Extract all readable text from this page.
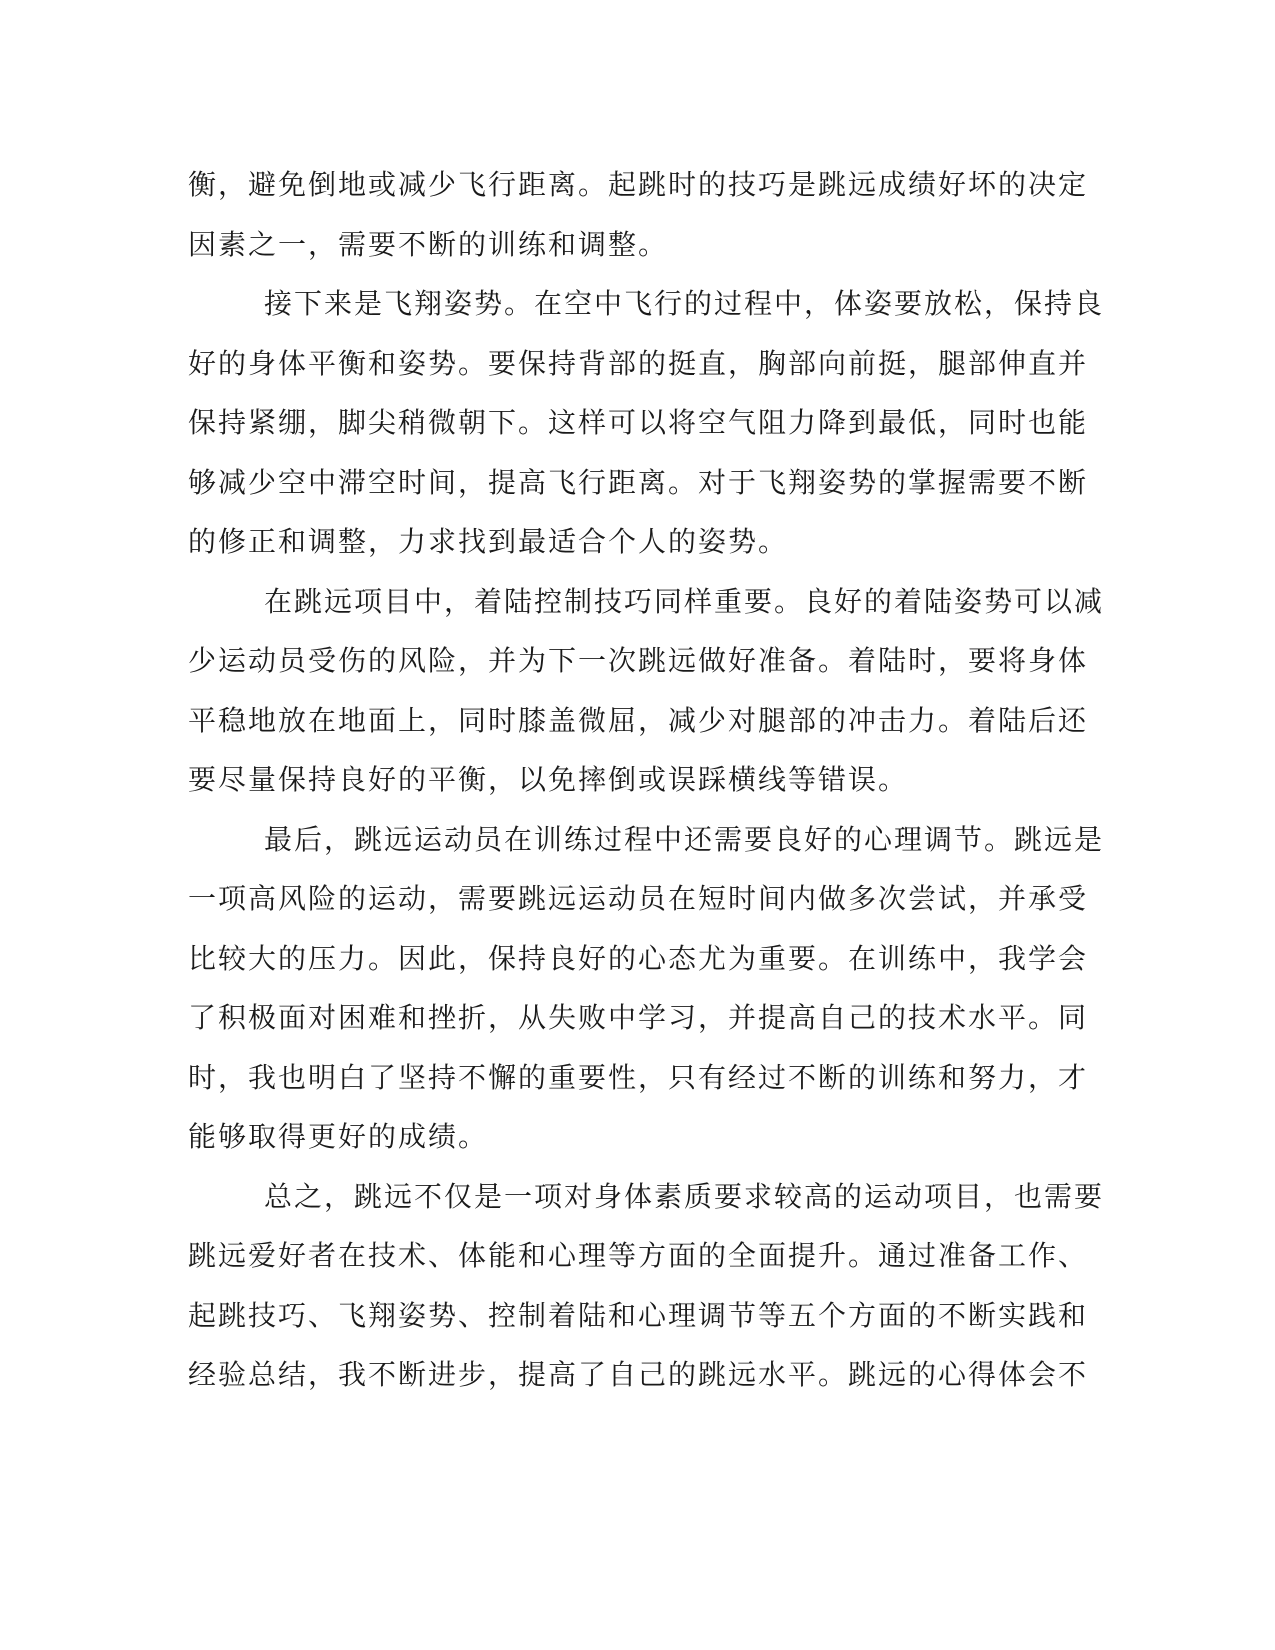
衡，避免倒地或减少飞行距离。起跳时的技巧是跳远成绩好坏的决定
因素之一，需要不断的训练和调整。
接下来是飞翔姿势。在空中飞行的过程中，体姿要放松，保持良
好的身体平衡和姿势。要保持背部的挺直，胸部向前挺，腿部伸直并
保持紧绷，脚尖稍微朝下。这样可以将空气阻力降到最低，同时也能
够减少空中滞空时间，提高飞行距离。对于飞翔姿势的掌握需要不断
的修正和调整，力求找到最适合个人的姿势。
在跳远项目中，着陆控制技巧同样重要。良好的着陆姿势可以减
少运动员受伤的风险，并为下一次跳远做好准备。着陆时，要将身体
平稳地放在地面上，同时膝盖微屈，减少对腿部的冲击力。着陆后还
要尽量保持良好的平衡，以免摔倒或误踩横线等错误。
最后，跳远运动员在训练过程中还需要良好的心理调节。跳远是
一项高风险的运动，需要跳远运动员在短时间内做多次尝试，并承受
比较大的压力。因此，保持良好的心态尤为重要。在训练中，我学会
了积极面对困难和挫折，从失败中学习，并提高自己的技术水平。同
时，我也明白了坚持不懈的重要性，只有经过不断的训练和努力，才
能够取得更好的成绩。
总之，跳远不仅是一项对身体素质要求较高的运动项目，也需要
跳远爱好者在技术、体能和心理等方面的全面提升。通过准备工作、
起跳技巧、飞翔姿势、控制着陆和心理调节等五个方面的不断实践和
经验总结，我不断进步，提高了自己的跳远水平。跳远的心得体会不
